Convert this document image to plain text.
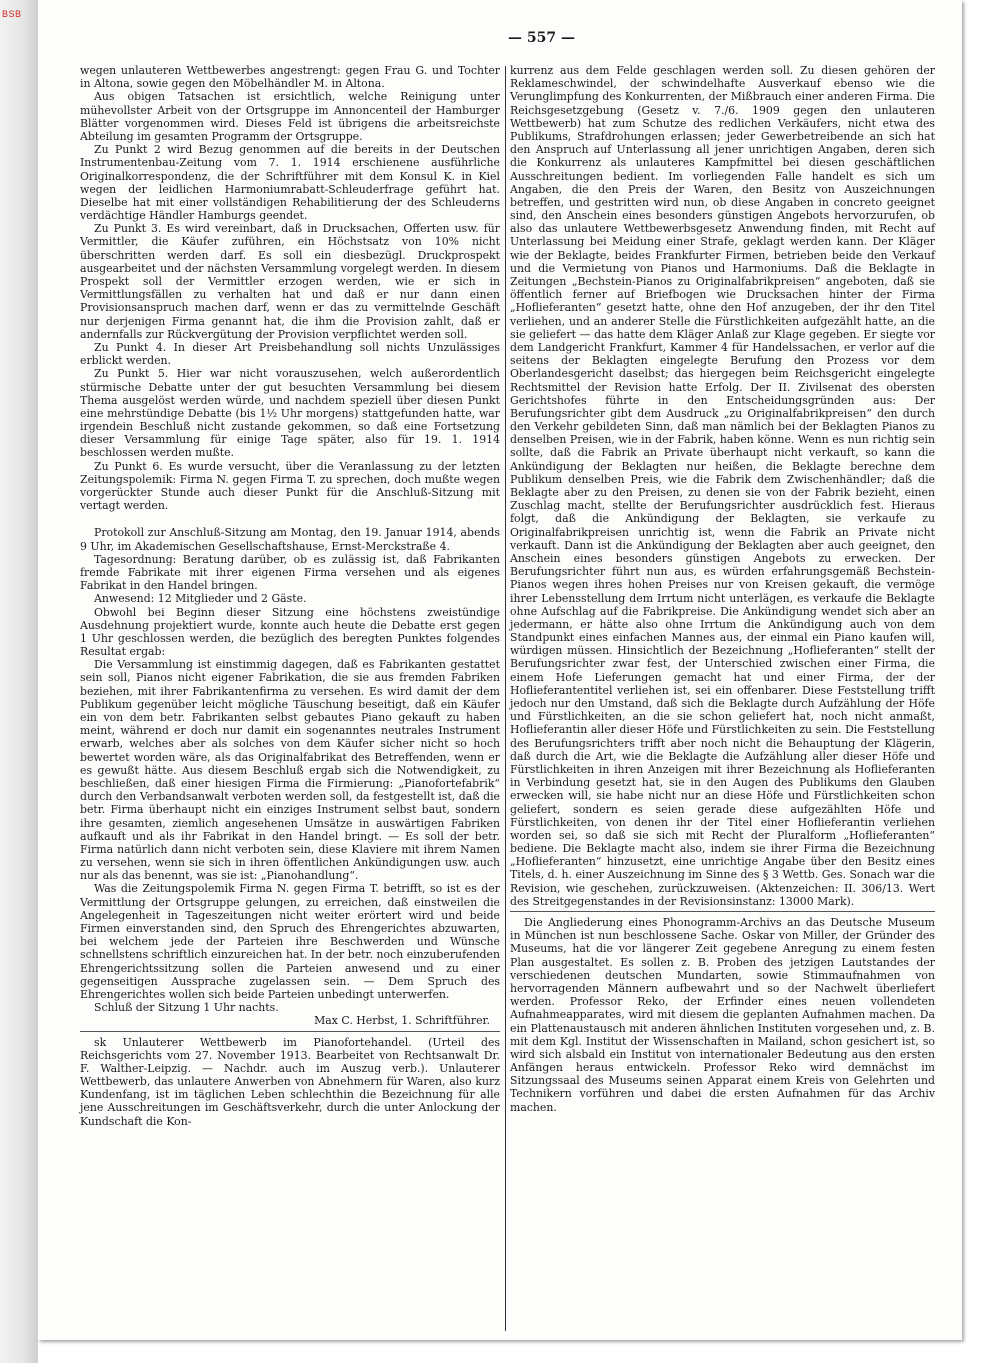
BSB
— 557 —

wegen unlauteren Wettbewerbes angestrengt: gegen Frau G. und Tochter in Altona, sowie gegen den Möbelhändler M. in Altona.

Aus obigen Tatsachen ist ersichtlich, welche Reinigung unter mühevollster Arbeit von der Ortsgruppe im Annoncenteil der Hamburger Blätter vorgenommen wird. Dieses Feld ist übrigens die arbeitsreichste Abteilung im gesamten Programm der Ortsgruppe.

Zu Punkt 2 wird Bezug genommen auf die bereits in der Deutschen Instrumentenbau-Zeitung vom 7. 1. 1914 erschienene ausführliche Originalkorrespondenz, die der Schriftführer mit dem Konsul K. in Kiel wegen der leidlichen Harmoniumrabatt-Schleuderfrage geführt hat. Dieselbe hat mit einer vollständigen Rehabilitierung der des Schleuderns verdächtige Händler Hamburgs geendet.

Zu Punkt 3. Es wird vereinbart, daß in Drucksachen, Offerten usw. für Vermittler, die Käufer zuführen, ein Höchstsatz von 10% nicht überschritten werden darf. Es soll ein diesbezügl. Druckprospekt ausgearbeitet und der nächsten Versammlung vorgelegt werden. In diesem Prospekt soll der Vermittler erzogen werden, wie er sich in Vermittlungsfällen zu verhalten hat und daß er nur dann einen Provisionsanspruch machen darf, wenn er das zu vermittelnde Geschäft nur derjenigen Firma genannt hat, die ihm die Provision zahlt, daß er andernfalls zur Rückvergütung der Provision verpflichtet werden soll.

Zu Punkt 4. In dieser Art Preisbehandlung soll nichts Unzulässiges erblickt werden.

Zu Punkt 5. Hier war nicht vorauszusehen, welch außerordentlich stürmische Debatte unter der gut besuchten Versammlung bei diesem Thema ausgelöst werden würde, und nachdem speziell über diesen Punkt eine mehrstündige Debatte (bis 1½ Uhr morgens) stattgefunden hatte, war irgendein Beschluß nicht zustande gekommen, so daß eine Fortsetzung dieser Versammlung für einige Tage später, also für 19. 1. 1914 beschlossen werden mußte.

Zu Punkt 6. Es wurde versucht, über die Veranlassung zu der letzten Zeitungspolemik: Firma N. gegen Firma T. zu sprechen, doch mußte wegen vorgerückter Stunde auch dieser Punkt für die Anschluß-Sitzung mit vertagt werden.

Protokoll zur Anschluß-Sitzung am Montag, den 19. Januar 1914, abends 9 Uhr, im Akademischen Gesellschaftshause, Ernst-Merckstraße 4.

Tagesordnung: Beratung darüber, ob es zulässig ist, daß Fabrikanten fremde Fabrikate mit ihrer eigenen Firma versehen und als eigenes Fabrikat in den Handel bringen.

Anwesend: 12 Mitglieder und 2 Gäste.

Obwohl bei Beginn dieser Sitzung eine höchstens zweistündige Ausdehnung projektiert wurde, konnte auch heute die Debatte erst gegen 1 Uhr geschlossen werden, die bezüglich des beregten Punktes folgendes Resultat ergab:

Die Versammlung ist einstimmig dagegen, daß es Fabrikanten gestattet sein soll, Pianos nicht eigener Fabrikation, die sie aus fremden Fabriken beziehen, mit ihrer Fabrikantenfirma zu versehen. Es wird damit der dem Publikum gegenüber leicht mögliche Täuschung beseitigt, daß ein Käufer ein von dem betr. Fabrikanten selbst gebautes Piano gekauft zu haben meint, während er doch nur damit ein sogenanntes neutrales Instrument erwarb, welches aber als solches von dem Käufer sicher nicht so hoch bewertet worden wäre, als das Originalfabrikat des Betreffenden, wenn er es gewußt hätte. Aus diesem Beschluß ergab sich die Notwendigkeit, zu beschließen, daß einer hiesigen Firma die Firmierung: „Pianofortefabrik“ durch den Verbandsanwalt verboten werden soll, da festgestellt ist, daß die betr. Firma überhaupt nicht ein einziges Instrument selbst baut, sondern ihre gesamten, ziemlich angesehenen Umsätze in auswärtigen Fabriken aufkauft und als ihr Fabrikat in den Handel bringt. — Es soll der betr. Firma natürlich dann nicht verboten sein, diese Klaviere mit ihrem Namen zu versehen, wenn sie sich in ihren öffentlichen Ankündigungen usw. auch nur als das benennt, was sie ist: „Pianohandlung“.

Was die Zeitungspolemik Firma N. gegen Firma T. betrifft, so ist es der Vermittlung der Ortsgruppe gelungen, zu erreichen, daß einstweilen die Angelegenheit in Tageszeitungen nicht weiter erörtert wird und beide Firmen einverstanden sind, den Spruch des Ehrengerichtes abzuwarten, bei welchem jede der Parteien ihre Beschwerden und Wünsche schnellstens schriftlich einzureichen hat. In der betr. noch einzuberufenden Ehrengerichtssitzung sollen die Parteien anwesend und zu einer gegenseitigen Aussprache zugelassen sein. — Dem Spruch des Ehrengerichtes wollen sich beide Parteien unbedingt unterwerfen.

Schluß der Sitzung 1 Uhr nachts.

Max C. Herbst, 1. Schriftführer.

sk Unlauterer Wettbewerb im Pianofortehandel. (Urteil des Reichsgerichts vom 27. November 1913. Bearbeitet von Rechtsanwalt Dr. F. Walther-Leipzig. — Nachdr. auch im Auszug verb.). Unlauterer Wettbewerb, das unlautere Anwerben von Abnehmern für Waren, also kurz Kundenfang, ist im täglichen Leben schlechthin die Bezeichnung für alle jene Ausschreitungen im Geschäftsverkehr, durch die unter Anlockung der Kundschaft die Kon-

kurrenz aus dem Felde geschlagen werden soll. Zu diesen gehören der Reklameschwindel, der schwindelhafte Ausverkauf ebenso wie die Verunglimpfung des Konkurrenten, der Mißbrauch einer anderen Firma. Die Reichsgesetzgebung (Gesetz v. 7./6. 1909 gegen den unlauteren Wettbewerb) hat zum Schutze des redlichen Verkäufers, nicht etwa des Publikums, Strafdrohungen erlassen; jeder Gewerbetreibende an sich hat den Anspruch auf Unterlassung all jener unrichtigen Angaben, deren sich die Konkurrenz als unlauteres Kampfmittel bei diesen geschäftlichen Ausschreitungen bedient. Im vorliegenden Falle handelt es sich um Angaben, die den Preis der Waren, den Besitz von Auszeichnungen betreffen, und gestritten wird nun, ob diese Angaben in concreto geeignet sind, den Anschein eines besonders günstigen Angebots hervorzurufen, ob also das unlautere Wettbewerbsgesetz Anwendung finden, mit Recht auf Unterlassung bei Meidung einer Strafe, geklagt werden kann. Der Kläger wie der Beklagte, beides Frankfurter Firmen, betrieben beide den Verkauf und die Vermietung von Pianos und Harmoniums. Daß die Beklagte in Zeitungen „Bechstein-Pianos zu Originalfabrikpreisen“ angeboten, daß sie öffentlich ferner auf Briefbogen wie Drucksachen hinter der Firma „Hoflieferanten“ gesetzt hatte, ohne den Hof anzugeben, der ihr den Titel verliehen, und an anderer Stelle die Fürstlichkeiten aufgezählt hatte, an die sie geliefert — das hatte dem Kläger Anlaß zur Klage gegeben. Er siegte vor dem Landgericht Frankfurt, Kammer 4 für Handelssachen, er verlor auf die seitens der Beklagten eingelegte Berufung den Prozess vor dem Oberlandesgericht daselbst; das hiergegen beim Reichsgericht eingelegte Rechtsmittel der Revision hatte Erfolg. Der II. Zivilsenat des obersten Gerichtshofes führte in den Entscheidungsgründen aus: Der Berufungsrichter gibt dem Ausdruck „zu Originalfabrikpreisen“ den durch den Verkehr gebildeten Sinn, daß man nämlich bei der Beklagten Pianos zu denselben Preisen, wie in der Fabrik, haben könne. Wenn es nun richtig sein sollte, daß die Fabrik an Private überhaupt nicht verkauft, so kann die Ankündigung der Beklagten nur heißen, die Beklagte berechne dem Publikum denselben Preis, wie die Fabrik dem Zwischenhändler; daß die Beklagte aber zu den Preisen, zu denen sie von der Fabrik bezieht, einen Zuschlag macht, stellte der Berufungsrichter ausdrücklich fest. Hieraus folgt, daß die Ankündigung der Beklagten, sie verkaufe zu Originalfabrikpreisen unrichtig ist, wenn die Fabrik an Private nicht verkauft. Dann ist die Ankündigung der Beklagten aber auch geeignet, den Anschein eines besonders günstigen Angebots zu erwecken. Der Berufungsrichter führt nun aus, es würden erfahrungsgemäß Bechstein-Pianos wegen ihres hohen Preises nur von Kreisen gekauft, die vermöge ihrer Lebensstellung dem Irrtum nicht unterlägen, es verkaufe die Beklagte ohne Aufschlag auf die Fabrikpreise. Die Ankündigung wendet sich aber an jedermann, er hätte also ohne Irrtum die Ankündigung auch von dem Standpunkt eines einfachen Mannes aus, der einmal ein Piano kaufen will, würdigen müssen. Hinsichtlich der Bezeichnung „Hoflieferanten“ stellt der Berufungsrichter zwar fest, der Unterschied zwischen einer Firma, die einem Hofe Lieferungen gemacht hat und einer Firma, der der Hoflieferantentitel verliehen ist, sei ein offenbarer. Diese Feststellung trifft jedoch nur den Umstand, daß sich die Beklagte durch Aufzählung der Höfe und Fürstlichkeiten, an die sie schon geliefert hat, noch nicht anmaßt, Hoflieferantin aller dieser Höfe und Fürstlichkeiten zu sein. Die Feststellung des Berufungsrichters trifft aber noch nicht die Behauptung der Klägerin, daß durch die Art, wie die Beklagte die Aufzählung aller dieser Höfe und Fürstlichkeiten in ihren Anzeigen mit ihrer Bezeichnung als Hoflieferanten in Verbindung gesetzt hat, sie in den Augen des Publikums den Glauben erwecken will, sie habe nicht nur an diese Höfe und Fürstlichkeiten schon geliefert, sondern es seien gerade diese aufgezählten Höfe und Fürstlichkeiten, von denen ihr der Titel einer Hoflieferantin verliehen worden sei, so daß sie sich mit Recht der Pluralform „Hoflieferanten“ bediene. Die Beklagte macht also, indem sie ihrer Firma die Bezeichnung „Hoflieferanten“ hinzusetzt, eine unrichtige Angabe über den Besitz eines Titels, d. h. einer Auszeichnung im Sinne des § 3 Wettb. Ges. Sonach war die Revision, wie geschehen, zurückzuweisen. (Aktenzeichen: II. 306/13. Wert des Streitgegenstandes in der Revisionsinstanz: 13000 Mark).

Die Angliederung eines Phonogramm-Archivs an das Deutsche Museum in München ist nun beschlossene Sache. Oskar von Miller, der Gründer des Museums, hat die vor längerer Zeit gegebene Anregung zu einem festen Plan ausgestaltet. Es sollen z. B. Proben des jetzigen Lautstandes der verschiedenen deutschen Mundarten, sowie Stimmaufnahmen von hervorragenden Männern aufbewahrt und so der Nachwelt überliefert werden. Professor Reko, der Erfinder eines neuen vollendeten Aufnahmeapparates, wird mit diesem die geplanten Aufnahmen machen. Da ein Plattenaustausch mit anderen ähnlichen Instituten vorgesehen und, z. B. mit dem Kgl. Institut der Wissenschaften in Mailand, schon gesichert ist, so wird sich alsbald ein Institut von internationaler Bedeutung aus den ersten Anfängen heraus entwickeln. Professor Reko wird demnächst im Sitzungssaal des Museums seinen Apparat einem Kreis von Gelehrten und Technikern vorführen und dabei die ersten Aufnahmen für das Archiv machen.
